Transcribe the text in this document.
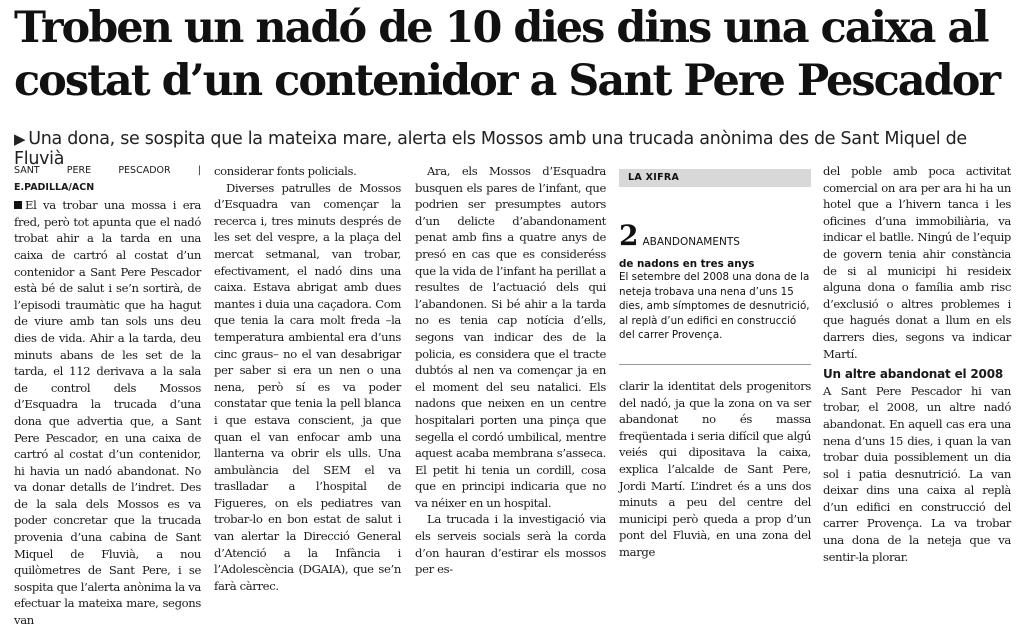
Troben un nadó de 10 dies dins una caixa al
costat d’un contenidor a Sant Pere Pescador
▶ Una dona, se sospita que la mateixa mare, alerta els Mossos amb una trucada anònima des de Sant Miquel de Fluvià
SANT PERE PESCADOR | E.PADILLA/ACN

El va trobar una mossa i era fred, però tot apunta que el nadó trobat ahir a la tarda en una caixa de cartró al costat d’un contenidor a Sant Pere Pescador està bé de salut i se’n sortirà, de l’episodi traumàtic que ha hagut de viure amb tan sols uns deu dies de vida. Ahir a la tarda, deu minuts abans de les set de la tarda, el 112 derivava a la sala de control dels Mossos d’Esquadra la trucada d’una dona que advertia que, a Sant Pere Pescador, en una caixa de cartró al costat d’un contenidor, hi havia un nadó abandonat. No va donar detalls de l’indret. Des de la sala dels Mossos es va poder concretar que la trucada provenia d’una cabina de Sant Miquel de Fluvià, a nou quilòmetres de Sant Pere, i se sospita que l’alerta anònima la va efectuar la mateixa mare, segons van

considerar fonts policials.

Diverses patrulles de Mossos d’Esquadra van començar la recerca i, tres minuts després de les set del vespre, a la plaça del mercat setmanal, van trobar, efectivament, el nadó dins una caixa. Estava abrigat amb dues mantes i duia una caçadora. Com que tenia la cara molt freda –la temperatura ambiental era d’uns cinc graus– no el van desabrigar per saber si era un nen o una nena, però sí es va poder constatar que tenia la pell blanca i que estava conscient, ja que quan el van enfocar amb una llanterna va obrir els ulls. Una ambulància del SEM el va traslladar a l’hospital de Figueres, on els pediatres van trobar-lo en bon estat de salut i van alertar la Direcció General d’Atenció a la Infància i l’Adolescència (DGAIA), que se’n farà càrrec.

Ara, els Mossos d’Esquadra busquen els pares de l’infant, que podrien ser presumptes autors d’un delicte d’abandonament penat amb fins a quatre anys de presó en cas que es consideréss que la vida de l’infant ha perillat a resultes de l’actuació dels qui l’abandonen. Si bé ahir a la tarda no es tenia cap notícia d’ells, segons van indicar des de la policia, es considera que el tracte dubtós al nen va començar ja en el moment del seu natalici. Els nadons que neixen en un centre hospitalari porten una pinça que segella el cordó umbilical, mentre aquest acaba membrana s’asseca. El petit hi tenia un cordill, cosa que en principi indicaria que no va néixer en un hospital.

La trucada i la investigació via els serveis socials serà la corda d’on hauran d’estirar els mossos per es-

LA XIFRA
2 ABANDONAMENTS
de nadons en tres anys
El setembre del 2008 una dona de la neteja trobava una nena d’uns 15 dies, amb símptomes de desnutrició, al replà d’un edifici en construcció del carrer Provença.

clarir la identitat dels progenitors del nadó, ja que la zona on va ser abandonat no és massa freqüentada i seria difícil que algú veiés qui dipositava la caixa, explica l’alcalde de Sant Pere, Jordi Martí. L’indret és a uns dos minuts a peu del centre del municipi però queda a prop d’un pont del Fluvià, en una zona del marge

del poble amb poca activitat comercial on ara per ara hi ha un hotel que a l’hivern tanca i les oficines d’una immobiliària, va indicar el batlle. Ningú de l’equip de govern tenia ahir constància de si al municipi hi resideix alguna dona o família amb risc d’exclusió o altres problemes i que hagués donat a llum en els darrers dies, segons va indicar Martí.

Un altre abandonat el 2008

A Sant Pere Pescador hi van trobar, el 2008, un altre nadó abandonat. En aquell cas era una nena d’uns 15 dies, i quan la van trobar duia possiblement un dia sol i patia desnutrició. La van deixar dins una caixa al replà d’un edifici en construcció del carrer Provença. La va trobar una dona de la neteja que va sentir-la plorar.
